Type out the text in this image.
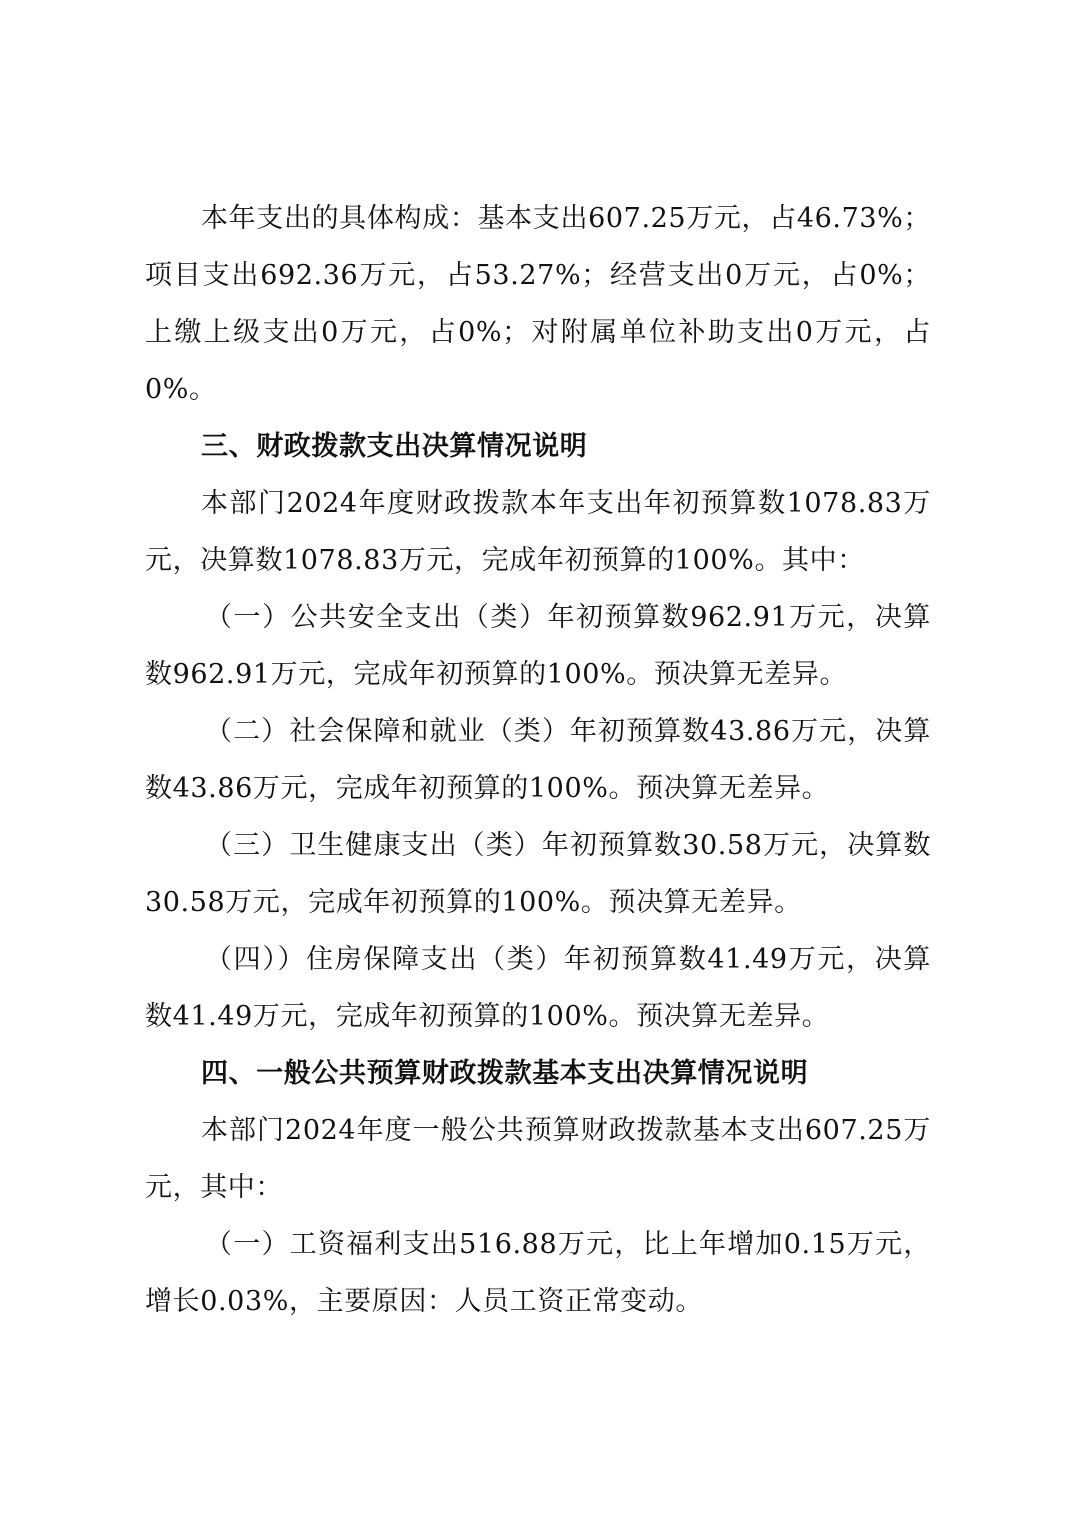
本年支出的具体构成：基本支出607.25万元，占46.73%；项目支出692.36万元，占53.27%；经营支出0万元，占0%；上缴上级支出0万元，占0%；对附属单位补助支出0万元，占0%。

三、财政拨款支出决算情况说明

本部门2024年度财政拨款本年支出年初预算数1078.83万元，决算数1078.83万元，完成年初预算的100%。其中：

（一）公共安全支出（类）年初预算数962.91万元，决算数962.91万元，完成年初预算的100%。预决算无差异。

（二）社会保障和就业（类）年初预算数43.86万元，决算数43.86万元，完成年初预算的100%。预决算无差异。

（三）卫生健康支出（类）年初预算数30.58万元，决算数30.58万元，完成年初预算的100%。预决算无差异。

（四））住房保障支出（类）年初预算数41.49万元，决算数41.49万元，完成年初预算的100%。预决算无差异。

四、一般公共预算财政拨款基本支出决算情况说明

本部门2024年度一般公共预算财政拨款基本支出607.25万元，其中：

（一）工资福利支出516.88万元，比上年增加0.15万元，增长0.03%，主要原因：人员工资正常变动。
